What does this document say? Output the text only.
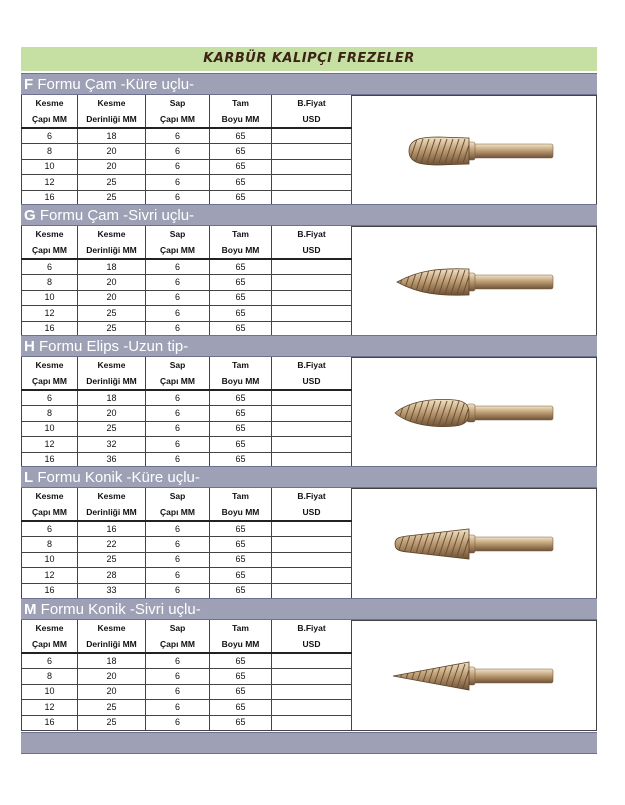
KARBÜR KALIPÇI FREZELER
F Formu Çam -Küre uçlu-
Kesme	Kesme	Sap	Tam	B.Fiyat
Çapı MM	Derinliği MM	Çapı MM	Boyu MM	USD
6	18	6	65	
8	20	6	65	
10	20	6	65	
12	25	6	65	
16	25	6	65	
G Formu Çam -Sivri uçlu-
Kesme	Kesme	Sap	Tam	B.Fiyat
Çapı MM	Derinliği MM	Çapı MM	Boyu MM	USD
6	18	6	65	
8	20	6	65	
10	20	6	65	
12	25	6	65	
16	25	6	65	
H Formu Elips -Uzun tip-
Kesme	Kesme	Sap	Tam	B.Fiyat
Çapı MM	Derinliği MM	Çapı MM	Boyu MM	USD
6	18	6	65	
8	20	6	65	
10	25	6	65	
12	32	6	65	
16	36	6	65	
L Formu Konik -Küre uçlu-
Kesme	Kesme	Sap	Tam	B.Fiyat
Çapı MM	Derinliği MM	Çapı MM	Boyu MM	USD
6	16	6	65	
8	22	6	65	
10	25	6	65	
12	28	6	65	
16	33	6	65	
M Formu Konik -Sivri uçlu-
Kesme	Kesme	Sap	Tam	B.Fiyat
Çapı MM	Derinliği MM	Çapı MM	Boyu MM	USD
6	18	6	65	
8	20	6	65	
10	20	6	65	
12	25	6	65	
16	25	6	65	
